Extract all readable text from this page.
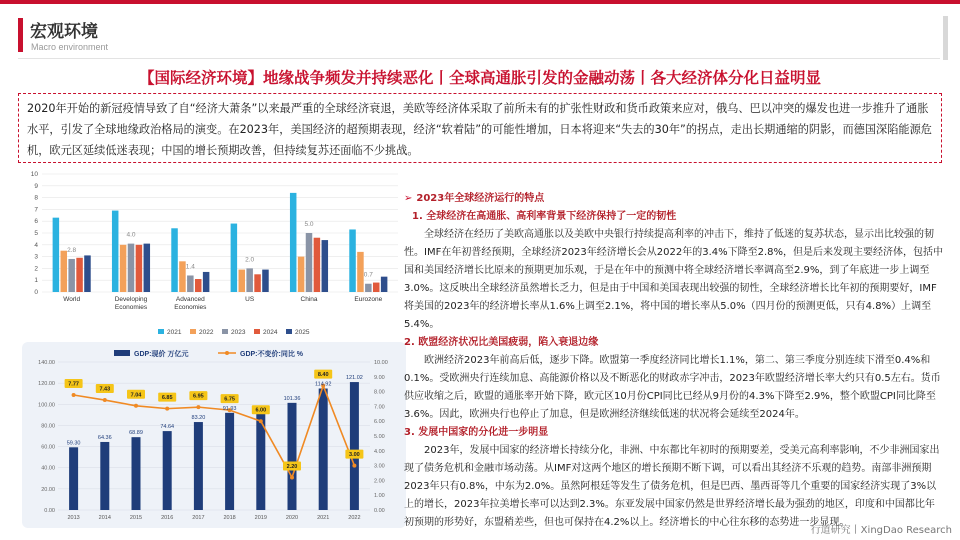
宏观环境
Macro environment
【国际经济环境】地缘战争频发并持续恶化丨全球高通胀引发的金融动荡丨各大经济体分化日益明显
2020年开始的新冠疫情导致了自“经济大萧条”以来最严重的全球经济衰退，美欧等经济体采取了前所未有的扩张性财政和货币政策来应对，俄乌、巴以冲突的爆发也进一步推升了通胀水平，引发了全球地缘政治格局的演变。在2023年，美国经济的超预期表现，经济“软着陆”的可能性增加，日本将迎来“失去的30年”的拐点，走出长期通缩的阴影，而德国深陷能源危机，欧元区延续低迷表现；中国的增长预期改善，但持续复苏还面临不少挑战。
0
1
2
3
4
5
6
7
8
9
10
2.8
World
4.0
Developing
Economies
1.4
Advanced
Economies
2.0
US
5.0
China
0.7
Eurozone
2021	2022	2023	2024	2025
0.00
20.00
40.00
60.00
80.00
100.00
120.00
140.00
0.00
1.00
2.00
3.00
4.00
5.00
6.00
7.00
8.00
9.00
10.00
59.30
2013
64.36
2014
68.89
2015
74.64
2016
83.20
2017
91.93
2018	2019
101.36
2020
114.92
2021
121.02
2022
7.77
7.43
7.04	6.85	6.95	6.75
6.00
2.20
8.40
3.00
GDP:现价 万亿元	GDP:不变价:同比 %
➢ 2023年全球经济运行的特点
1. 全球经济在高通胀、高利率背景下经济保持了一定的韧性
全球经济在经历了美欧高通胀以及美欧中央银行持续提高利率的冲击下，维持了低迷的复苏状态，显示出比较强的韧性。IMF在年初普经预期，全球经济2023年经济增长会从2022年的3.4%下降至2.8%，但是后来发现主要经济体，包括中国和美国经济增长比原来的预期更加乐观，于是在年中的预测中将全球经济增长率调高至2.9%，到了年底进一步上调至3.0%。这反映出全球经济虽然增长乏力，但是由于中国和美国表现出较强的韧性，全球经济增长比年初的预期要好，IMF将美国的2023年的经济增长率从1.6%上调至2.1%，将中国的增长率从5.0%（四月份的预测更低，只有4.8%）上调至5.4%。
2. 欧盟经济状况比美国疲弱，陷入衰退边缘
欧洲经济2023年前高后低，逐步下降。欧盟第一季度经济同比增长1.1%，第二、第三季度分别连续下滑至0.4%和0.1%。受欧洲央行连续加息、高能源价格以及不断恶化的财政赤字冲击，2023年欧盟经济增长率大约只有0.5左右。货币供应收缩之后，欧盟的通胀率开始下降，欧元区10月份CPI同比已经从9月份的4.3%下降至2.9%，整个欧盟CPI同比降至3.6%。因此，欧洲央行也停止了加息，但是欧洲经济继续低迷的状况将会延续至2024年。
3. 发展中国家的分化进一步明显
2023年，发展中国家的经济增长持续分化，非洲、中东都比年初时的预期要差，受美元高利率影响，不少非洲国家出现了债务危机和金融市场动荡。从IMF对这两个地区的增长预期不断下调，可以看出其经济不乐观的趋势。南部非洲预期2023年只有0.8%，中东为2.0%。虽然阿根廷等发生了债务危机，但是巴西、墨西哥等几个重要的国家经济实现了3%以上的增长，2023年拉美增长率可以达到2.3%。东亚发展中国家仍然是世界经济增长最为强劲的地区，印度和中国都比年初预期的形势好，东盟稍差些，但也可保持在4.2%以上。经济增长的中心往东移的态势进一步显现。
行道研究丨XingDao Research
